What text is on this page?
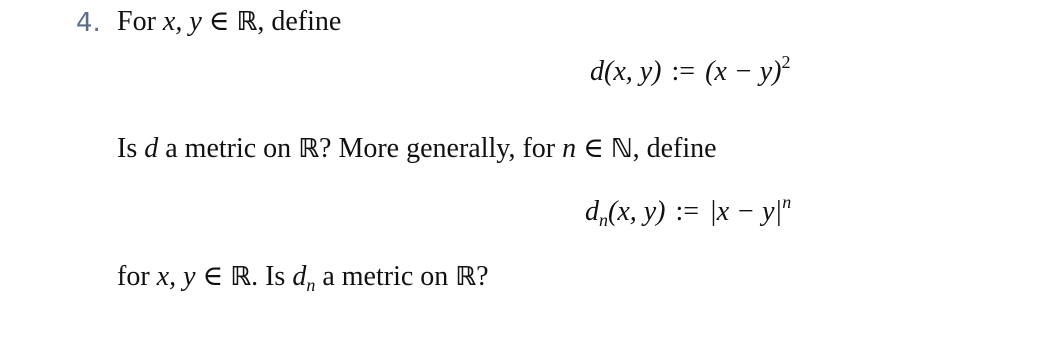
4. For x, y ∈ ℝ, define
d(x, y) := $(x - y)^2$
Is d a metric on ℝ? More generally, for n ∈ ℕ, define
$d_n(x$, y) := $|x - y|^n$
for x, y ∈ ℝ. Is $d_n$ a metric on ℝ?
